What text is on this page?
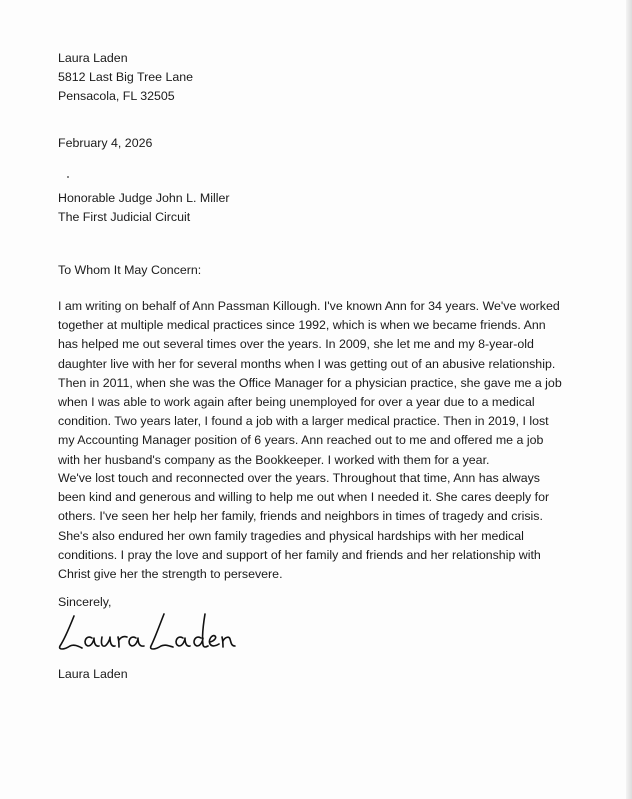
Laura Laden
5812 Last Big Tree Lane
Pensacola, FL 32505
February 4, 2026
Honorable Judge John L. Miller
The First Judicial Circuit
To Whom It May Concern:
I am writing on behalf of Ann Passman Killough. I've known Ann for 34 years. We've worked
together at multiple medical practices since 1992, which is when we became friends. Ann
has helped me out several times over the years. In 2009, she let me and my 8-year-old
daughter live with her for several months when I was getting out of an abusive relationship.
Then in 2011, when she was the Office Manager for a physician practice, she gave me a job
when I was able to work again after being unemployed for over a year due to a medical
condition. Two years later, I found a job with a larger medical practice. Then in 2019, I lost
my Accounting Manager position of 6 years. Ann reached out to me and offered me a job
with her husband's company as the Bookkeeper. I worked with them for a year.
We've lost touch and reconnected over the years. Throughout that time, Ann has always
been kind and generous and willing to help me out when I needed it. She cares deeply for
others. I've seen her help her family, friends and neighbors in times of tragedy and crisis.
She's also endured her own family tragedies and physical hardships with her medical
conditions. I pray the love and support of her family and friends and her relationship with
Christ give her the strength to persevere.
Sincerely,
Laura Laden
